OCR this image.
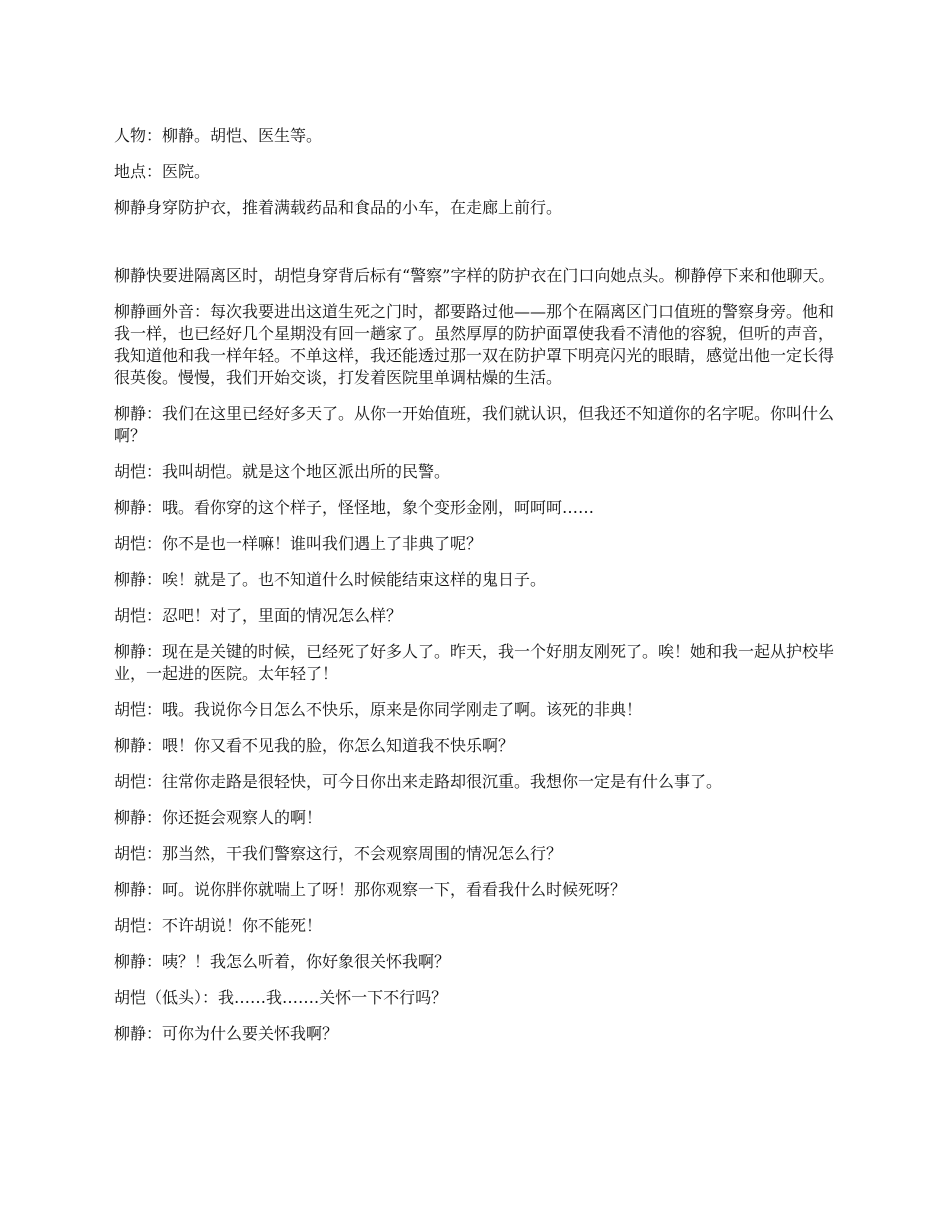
人物：柳静。胡恺、医生等。

地点：医院。

柳静身穿防护衣，推着满载药品和食品的小车，在走廊上前行。

柳静快要进隔离区时，胡恺身穿背后标有“警察”字样的防护衣在门口向她点头。柳静停下来和他聊天。

柳静画外音：每次我要进出这道生死之门时，都要路过他——那个在隔离区门口值班的警察身旁。他和我一样，也已经好几个星期没有回一趟家了。虽然厚厚的防护面罩使我看不清他的容貌，但听的声音，我知道他和我一样年轻。不单这样，我还能透过那一双在防护罩下明亮闪光的眼睛，感觉出他一定长得很英俊。慢慢，我们开始交谈，打发着医院里单调枯燥的生活。

柳静：我们在这里已经好多天了。从你一开始值班，我们就认识，但我还不知道你的名字呢。你叫什么啊？

胡恺：我叫胡恺。就是这个地区派出所的民警。

柳静：哦。看你穿的这个样子，怪怪地，象个变形金刚，呵呵呵……

胡恺：你不是也一样嘛！谁叫我们遇上了非典了呢？

柳静：唉！就是了。也不知道什么时候能结束这样的鬼日子。

胡恺：忍吧！对了，里面的情况怎么样？

柳静：现在是关键的时候，已经死了好多人了。昨天，我一个好朋友刚死了。唉！她和我一起从护校毕业，一起进的医院。太年轻了！

胡恺：哦。我说你今日怎么不快乐，原来是你同学刚走了啊。该死的非典！

柳静：喂！你又看不见我的脸，你怎么知道我不快乐啊？

胡恺：往常你走路是很轻快，可今日你出来走路却很沉重。我想你一定是有什么事了。

柳静：你还挺会观察人的啊！

胡恺：那当然，干我们警察这行，不会观察周围的情况怎么行？

柳静：呵。说你胖你就喘上了呀！那你观察一下，看看我什么时候死呀？

胡恺：不许胡说！你不能死！

柳静：咦？！我怎么听着，你好象很关怀我啊？

胡恺（低头）：我……我…….关怀一下不行吗？

柳静：可你为什么要关怀我啊？
